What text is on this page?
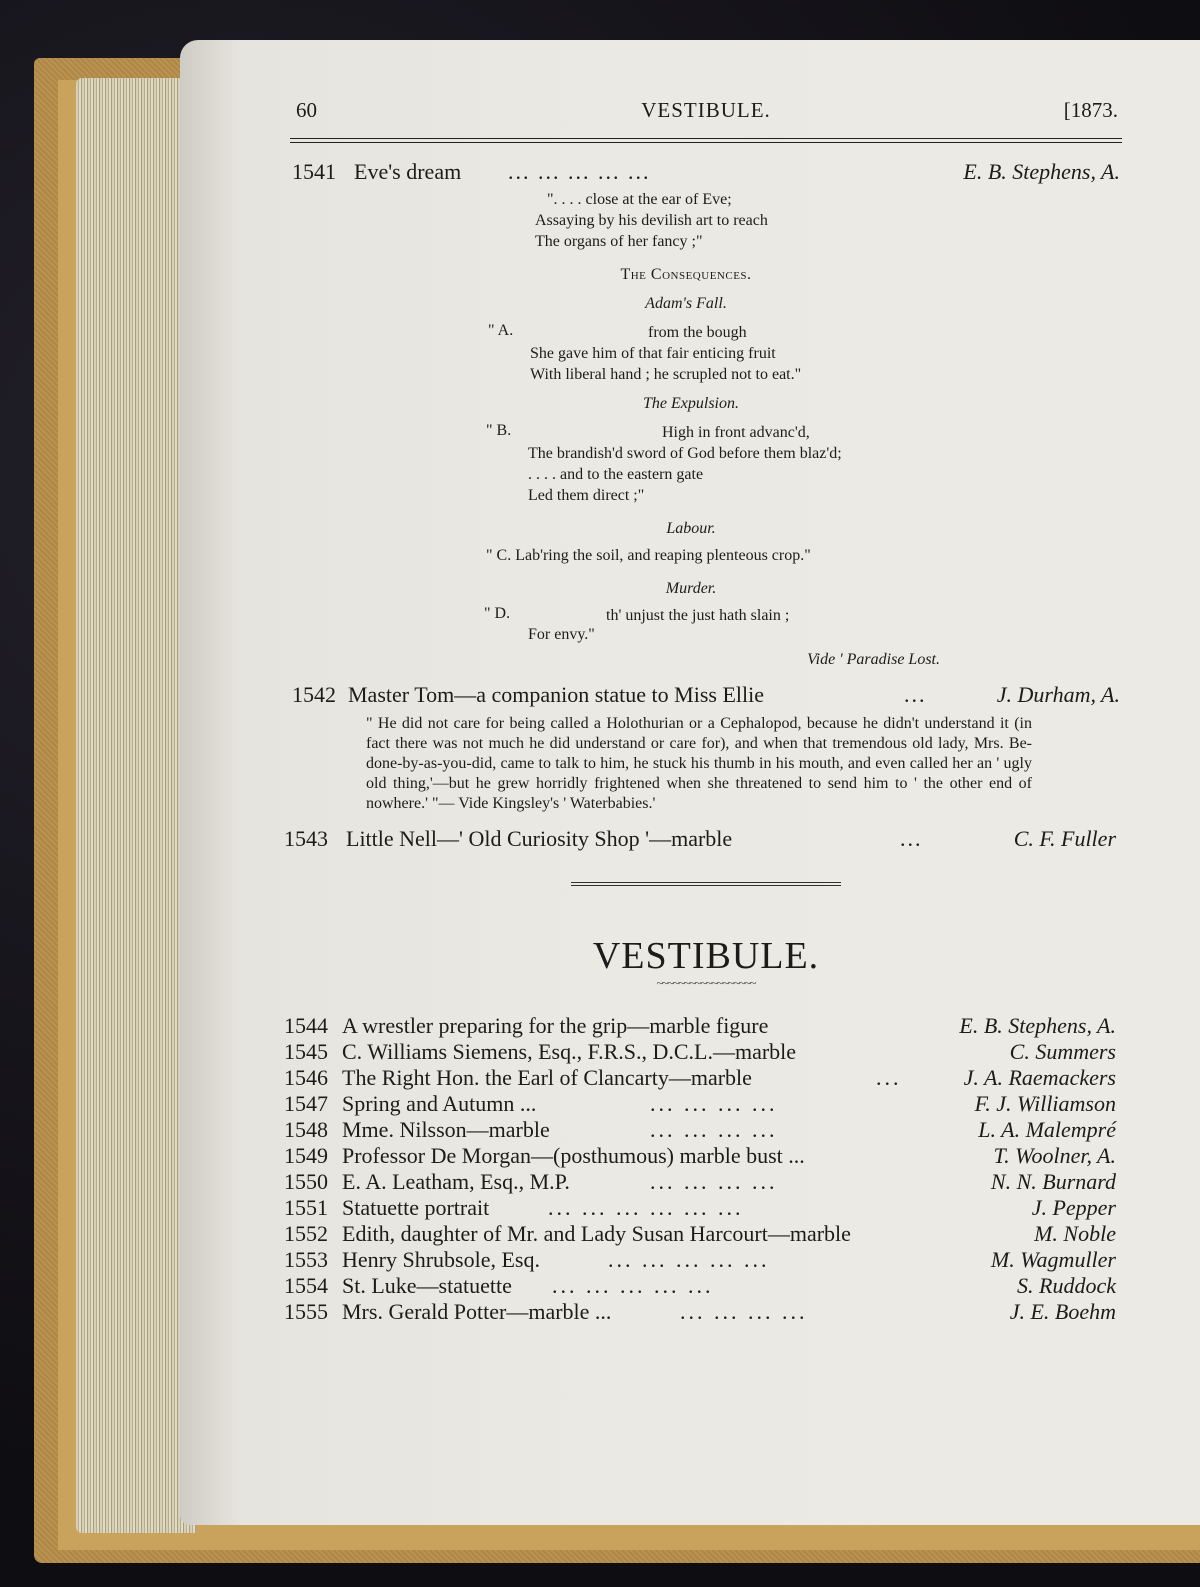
60	VESTIBULE.	[1873.
1541 Eve's dream ... ... ... ... ...	E. B. Stephens, A.
". . . . close at the ear of Eve;
Assaying by his devilish art to reach
The organs of her fancy ;"
The Consequences.
Adam's Fall.
" A.	from the bough
She gave him of that fair enticing fruit
With liberal hand ; he scrupled not to eat."
The Expulsion.
" B.	High in front advanc'd,
The brandish'd sword of God before them blaz'd;
. . . . and to the eastern gate
Led them direct ;"
Labour.
" C. Lab'ring the soil, and reaping plenteous crop."
Murder.
" D.	th' unjust the just hath slain ;
For envy."
Vide ' Paradise Lost.
1542 Master Tom—a companion statue to Miss Ellie	...	J. Durham, A.
" He did not care for being called a Holothurian or a Cephalopod, because he didn't understand it (in fact there was not much he did understand or care for), and when that tremendous old lady, Mrs. Be-done-by-as-you-did, came to talk to him, he stuck his thumb in his mouth, and even called her an ' ugly old thing,'—but he grew horridly frightened when she threatened to send him to ' the other end of nowhere.' "— Vide Kingsley's ' Waterbabies.'
1543 Little Nell—' Old Curiosity Shop '—marble	...	C. F. Fuller
VESTIBULE.
~~~~~~~~~~~~~~~~~~
1544 A wrestler preparing for the grip—marble figure	E. B. Stephens, A.
1545 C. Williams Siemens, Esq., F.R.S., D.C.L.—marble	C. Summers
1546 The Right Hon. the Earl of Clancarty—marble	...	J. A. Raemackers
1547 Spring and Autumn ...	... ... ... ...	F. J. Williamson
1548 Mme. Nilsson—marble	... ... ... ...	L. A. Malempré
1549 Professor De Morgan—(posthumous) marble bust ...	T. Woolner, A.
1550 E. A. Leatham, Esq., M.P.	... ... ... ...	N. N. Burnard
1551 Statuette portrait	... ... ... ... ... ...	J. Pepper
1552 Edith, daughter of Mr. and Lady Susan Harcourt—marble	M. Noble
1553 Henry Shrubsole, Esq.	... ... ... ... ...	M. Wagmuller
1554 St. Luke—statuette ... ... ... ... ...	S. Ruddock
1555 Mrs. Gerald Potter—marble ...	... ... ... ...	J. E. Boehm
